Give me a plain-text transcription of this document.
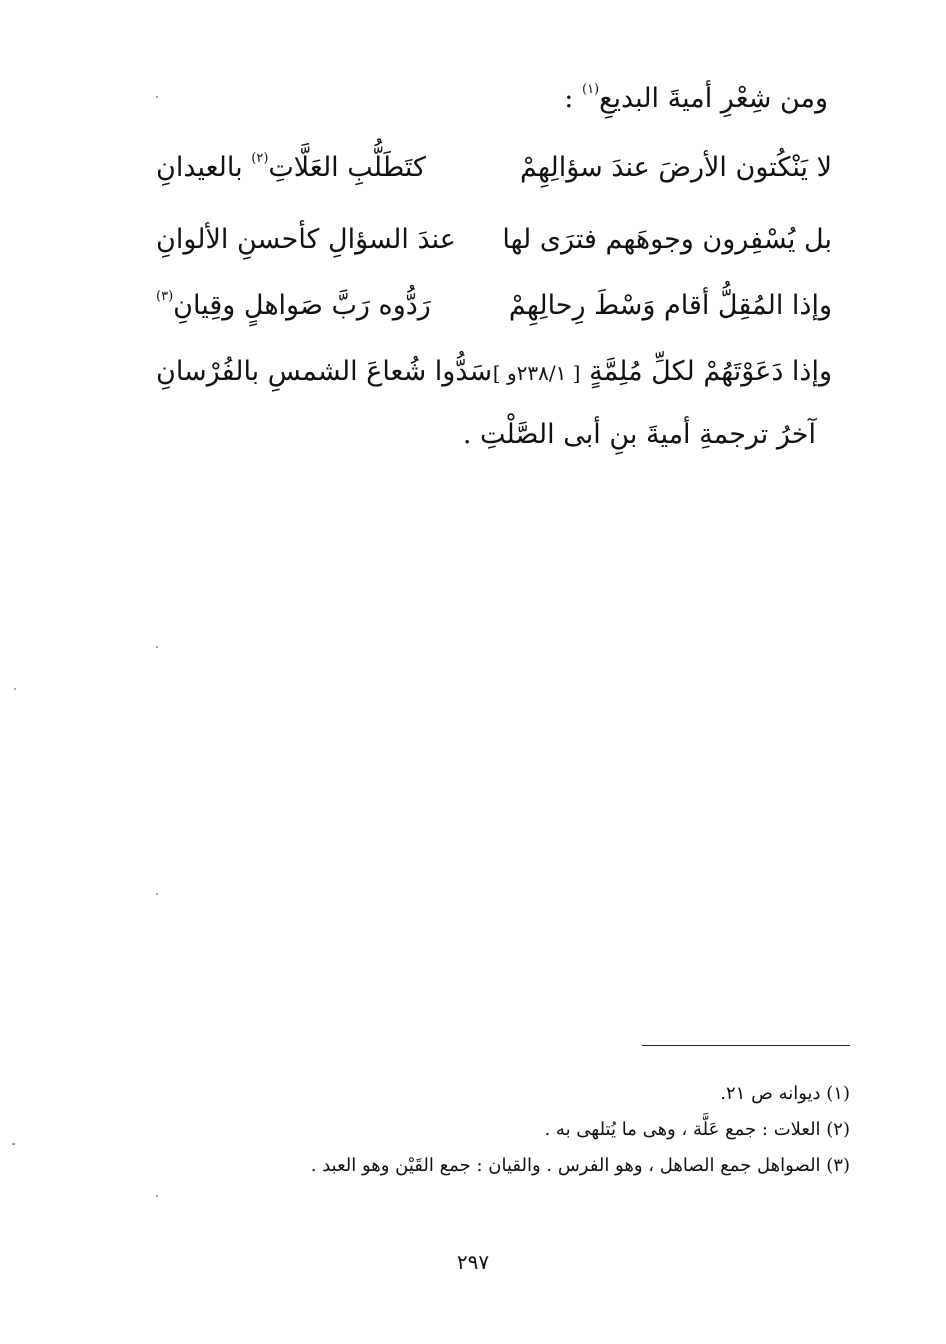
ومن شِعْرِ أميةَ البديعِ$^{(١)}$ :
لا يَنْكُتون الأرضَ عندَ سؤالِهِمْ
كتَطَلُّبِ العَلَّاتِ$^{(٢)}$ بالعيدانِ
بل يُسْفِرون وجوهَهم فترَى لها
عندَ السؤالِ كأحسنِ الألوانِ
وإذا المُقِلُّ أقام وَسْطَ رِحالِهِمْ
رَدُّوه رَبَّ صَواهلٍ وقِيانِ$^{(٣)}$
وإذا دَعَوْتَهُمْ لكلِّ مُلِمَّةٍ [ ٢٣٨/١و ]
سَدُّوا شُعاعَ الشمسِ بالفُرْسانِ
آخرُ ترجمةِ أميةَ بنِ أبى الصَّلْتِ .
(١) ديوانه ص ٢١.
(٢) العلات : جمع عَلَّة ، وهى ما يُتلهى به .
(٣) الصواهل جمع الصاهل ، وهو الفرس . والقيان : جمع القَيْن وهو العبد .
٢٩٧
